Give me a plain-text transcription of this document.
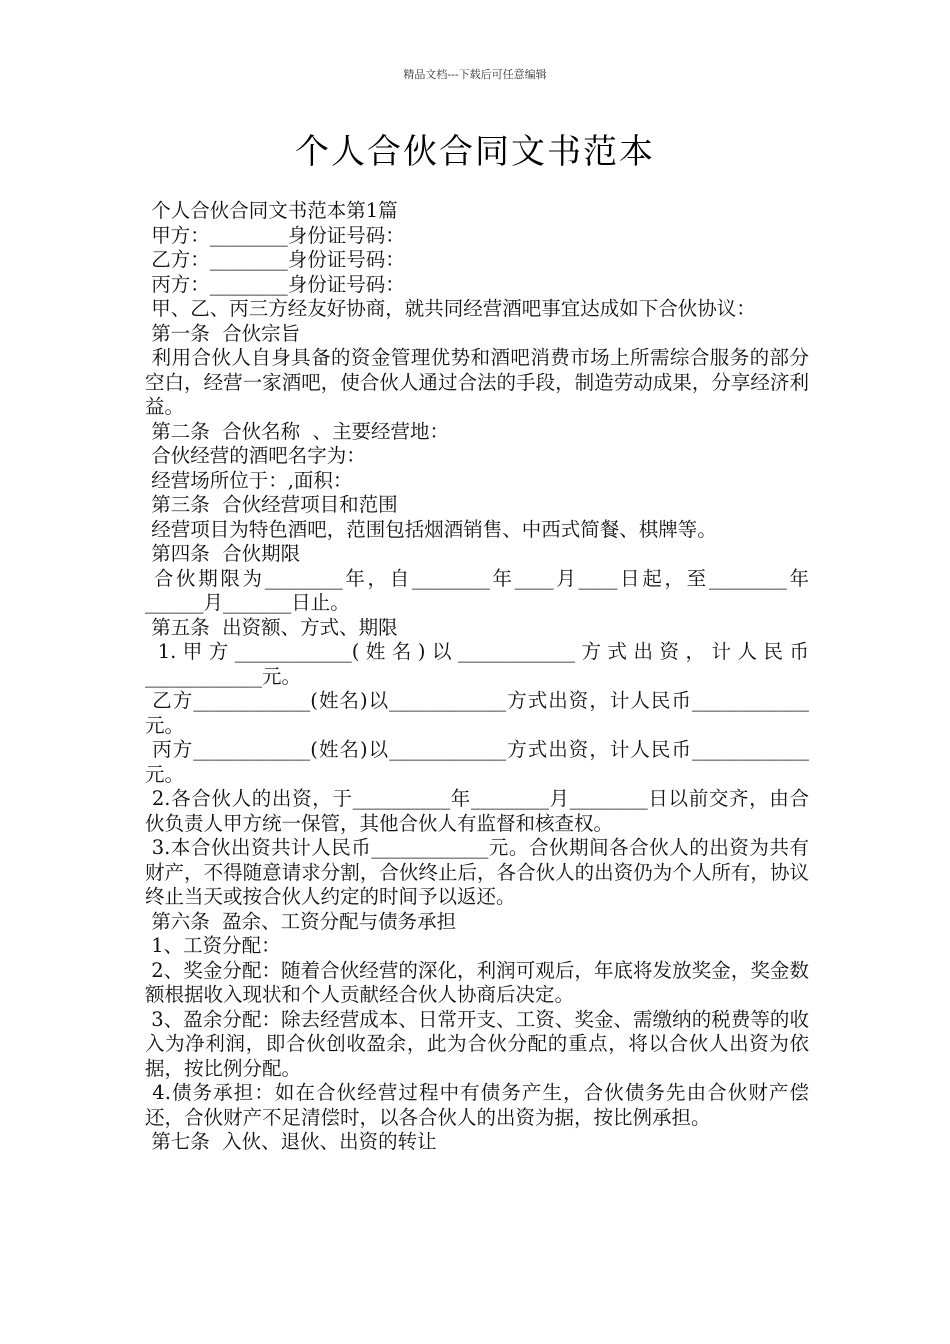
精品文档---下载后可任意编辑
个人合伙合同文书范本

个人合伙合同文书范本第1篇

甲方：________身份证号码：

乙方：________身份证号码：

丙方：________身份证号码：

甲、乙、丙三方经友好协商，就共同经营酒吧事宜达成如下合伙协议：

第一条  合伙宗旨

利用合伙人自身具备的资金管理优势和酒吧消费市场上所需综合服务的部分空白，经营一家酒吧，使合伙人通过合法的手段，制造劳动成果，分享经济利益。

第二条  合伙名称  、主要经营地：

合伙经营的酒吧名字为：

经营场所位于：,面积：

第三条  合伙经营项目和范围

经营项目为特色酒吧，范围包括烟酒销售、中西式简餐、棋牌等。

第四条  合伙期限

合伙期限为________年，自________年____月____日起，至________年______月_______日止。

第五条  出资额、方式、期限

1.甲方____________(姓名)以____________方式出资，计人民币____________元。

乙方____________(姓名)以____________方式出资，计人民币____________元。

丙方____________(姓名)以____________方式出资，计人民币____________元。

2.各合伙人的出资，于__________年________月________日以前交齐，由合伙负责人甲方统一保管，其他合伙人有监督和核查权。

3.本合伙出资共计人民币____________元。合伙期间各合伙人的出资为共有财产，不得随意请求分割，合伙终止后，各合伙人的出资仍为个人所有，协议终止当天或按合伙人约定的时间予以返还。

第六条  盈余、工资分配与债务承担

1、工资分配：

2、奖金分配：随着合伙经营的深化，利润可观后，年底将发放奖金，奖金数额根据收入现状和个人贡献经合伙人协商后决定。

3、盈余分配：除去经营成本、日常开支、工资、奖金、需缴纳的税费等的收入为净利润，即合伙创收盈余，此为合伙分配的重点，将以合伙人出资为依据，按比例分配。

4.债务承担：如在合伙经营过程中有债务产生，合伙债务先由合伙财产偿还，合伙财产不足清偿时，以各合伙人的出资为据，按比例承担。

第七条  入伙、退伙、出资的转让
